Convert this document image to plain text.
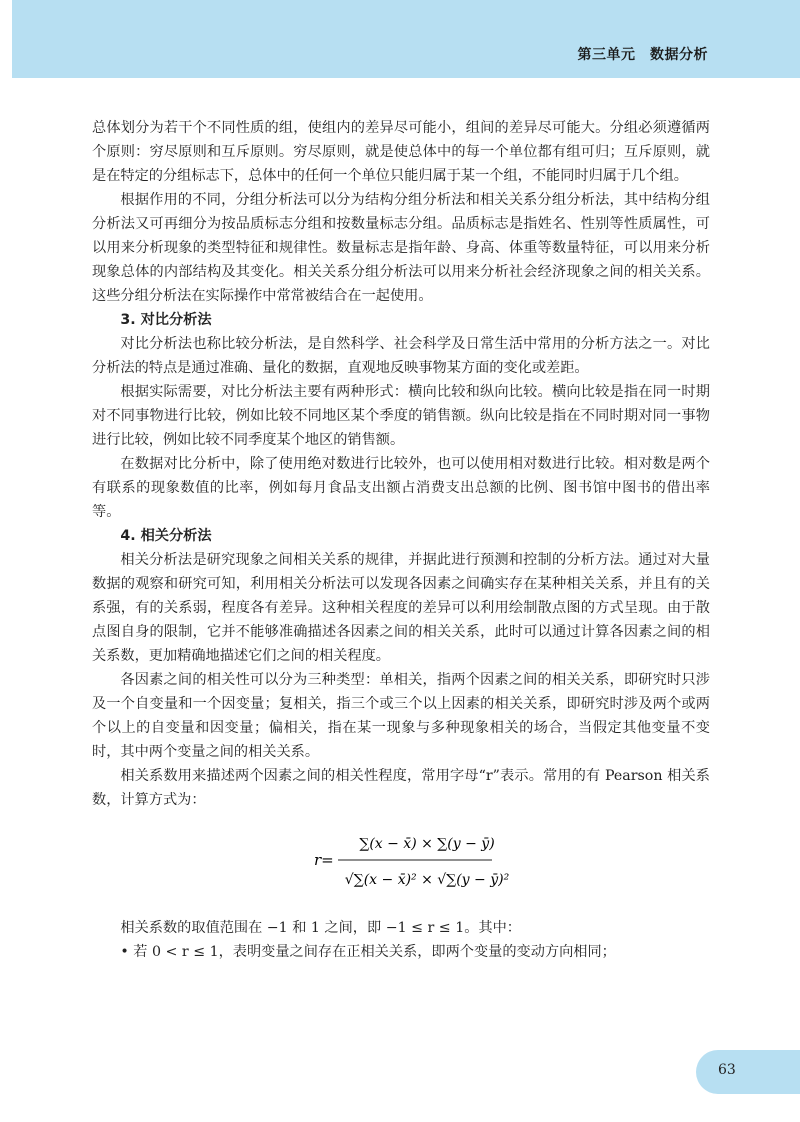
第三单元　数据分析

总体划分为若干个不同性质的组，使组内的差异尽可能小，组间的差异尽可能大。分组必须遵循两个原则：穷尽原则和互斥原则。穷尽原则，就是使总体中的每一个单位都有组可归；互斥原则，就是在特定的分组标志下，总体中的任何一个单位只能归属于某一个组，不能同时归属于几个组。

根据作用的不同，分组分析法可以分为结构分组分析法和相关关系分组分析法，其中结构分组分析法又可再细分为按品质标志分组和按数量标志分组。品质标志是指姓名、性别等性质属性，可以用来分析现象的类型特征和规律性。数量标志是指年龄、身高、体重等数量特征，可以用来分析现象总体的内部结构及其变化。相关关系分组分析法可以用来分析社会经济现象之间的相关关系。这些分组分析法在实际操作中常常被结合在一起使用。

3. 对比分析法

对比分析法也称比较分析法，是自然科学、社会科学及日常生活中常用的分析方法之一。对比分析法的特点是通过准确、量化的数据，直观地反映事物某方面的变化或差距。

根据实际需要，对比分析法主要有两种形式：横向比较和纵向比较。横向比较是指在同一时期对不同事物进行比较，例如比较不同地区某个季度的销售额。纵向比较是指在不同时期对同一事物进行比较，例如比较不同季度某个地区的销售额。

在数据对比分析中，除了使用绝对数进行比较外，也可以使用相对数进行比较。相对数是两个有联系的现象数值的比率，例如每月食品支出额占消费支出总额的比例、图书馆中图书的借出率等。

4. 相关分析法

相关分析法是研究现象之间相关关系的规律，并据此进行预测和控制的分析方法。通过对大量数据的观察和研究可知，利用相关分析法可以发现各因素之间确实存在某种相关关系，并且有的关系强，有的关系弱，程度各有差异。这种相关程度的差异可以利用绘制散点图的方式呈现。由于散点图自身的限制，它并不能够准确描述各因素之间的相关关系，此时可以通过计算各因素之间的相关系数，更加精确地描述它们之间的相关程度。

各因素之间的相关性可以分为三种类型：单相关，指两个因素之间的相关关系，即研究时只涉及一个自变量和一个因变量；复相关，指三个或三个以上因素的相关关系，即研究时涉及两个或两个以上的自变量和因变量；偏相关，指在某一现象与多种现象相关的场合，当假定其他变量不变时，其中两个变量之间的相关关系。

相关系数用来描述两个因素之间的相关性程度，常用字母“r”表示。常用的有 Pearson 相关系数，计算方式为：

r=
∑(x − x̄) × ∑(y − ȳ)
√∑(x − x̄)² × √∑(y − ȳ)²

相关系数的取值范围在 −1 和 1 之间，即 −1 ≤ r ≤ 1。其中：

• 若 0 < r ≤ 1，表明变量之间存在正相关关系，即两个变量的变动方向相同；

63
